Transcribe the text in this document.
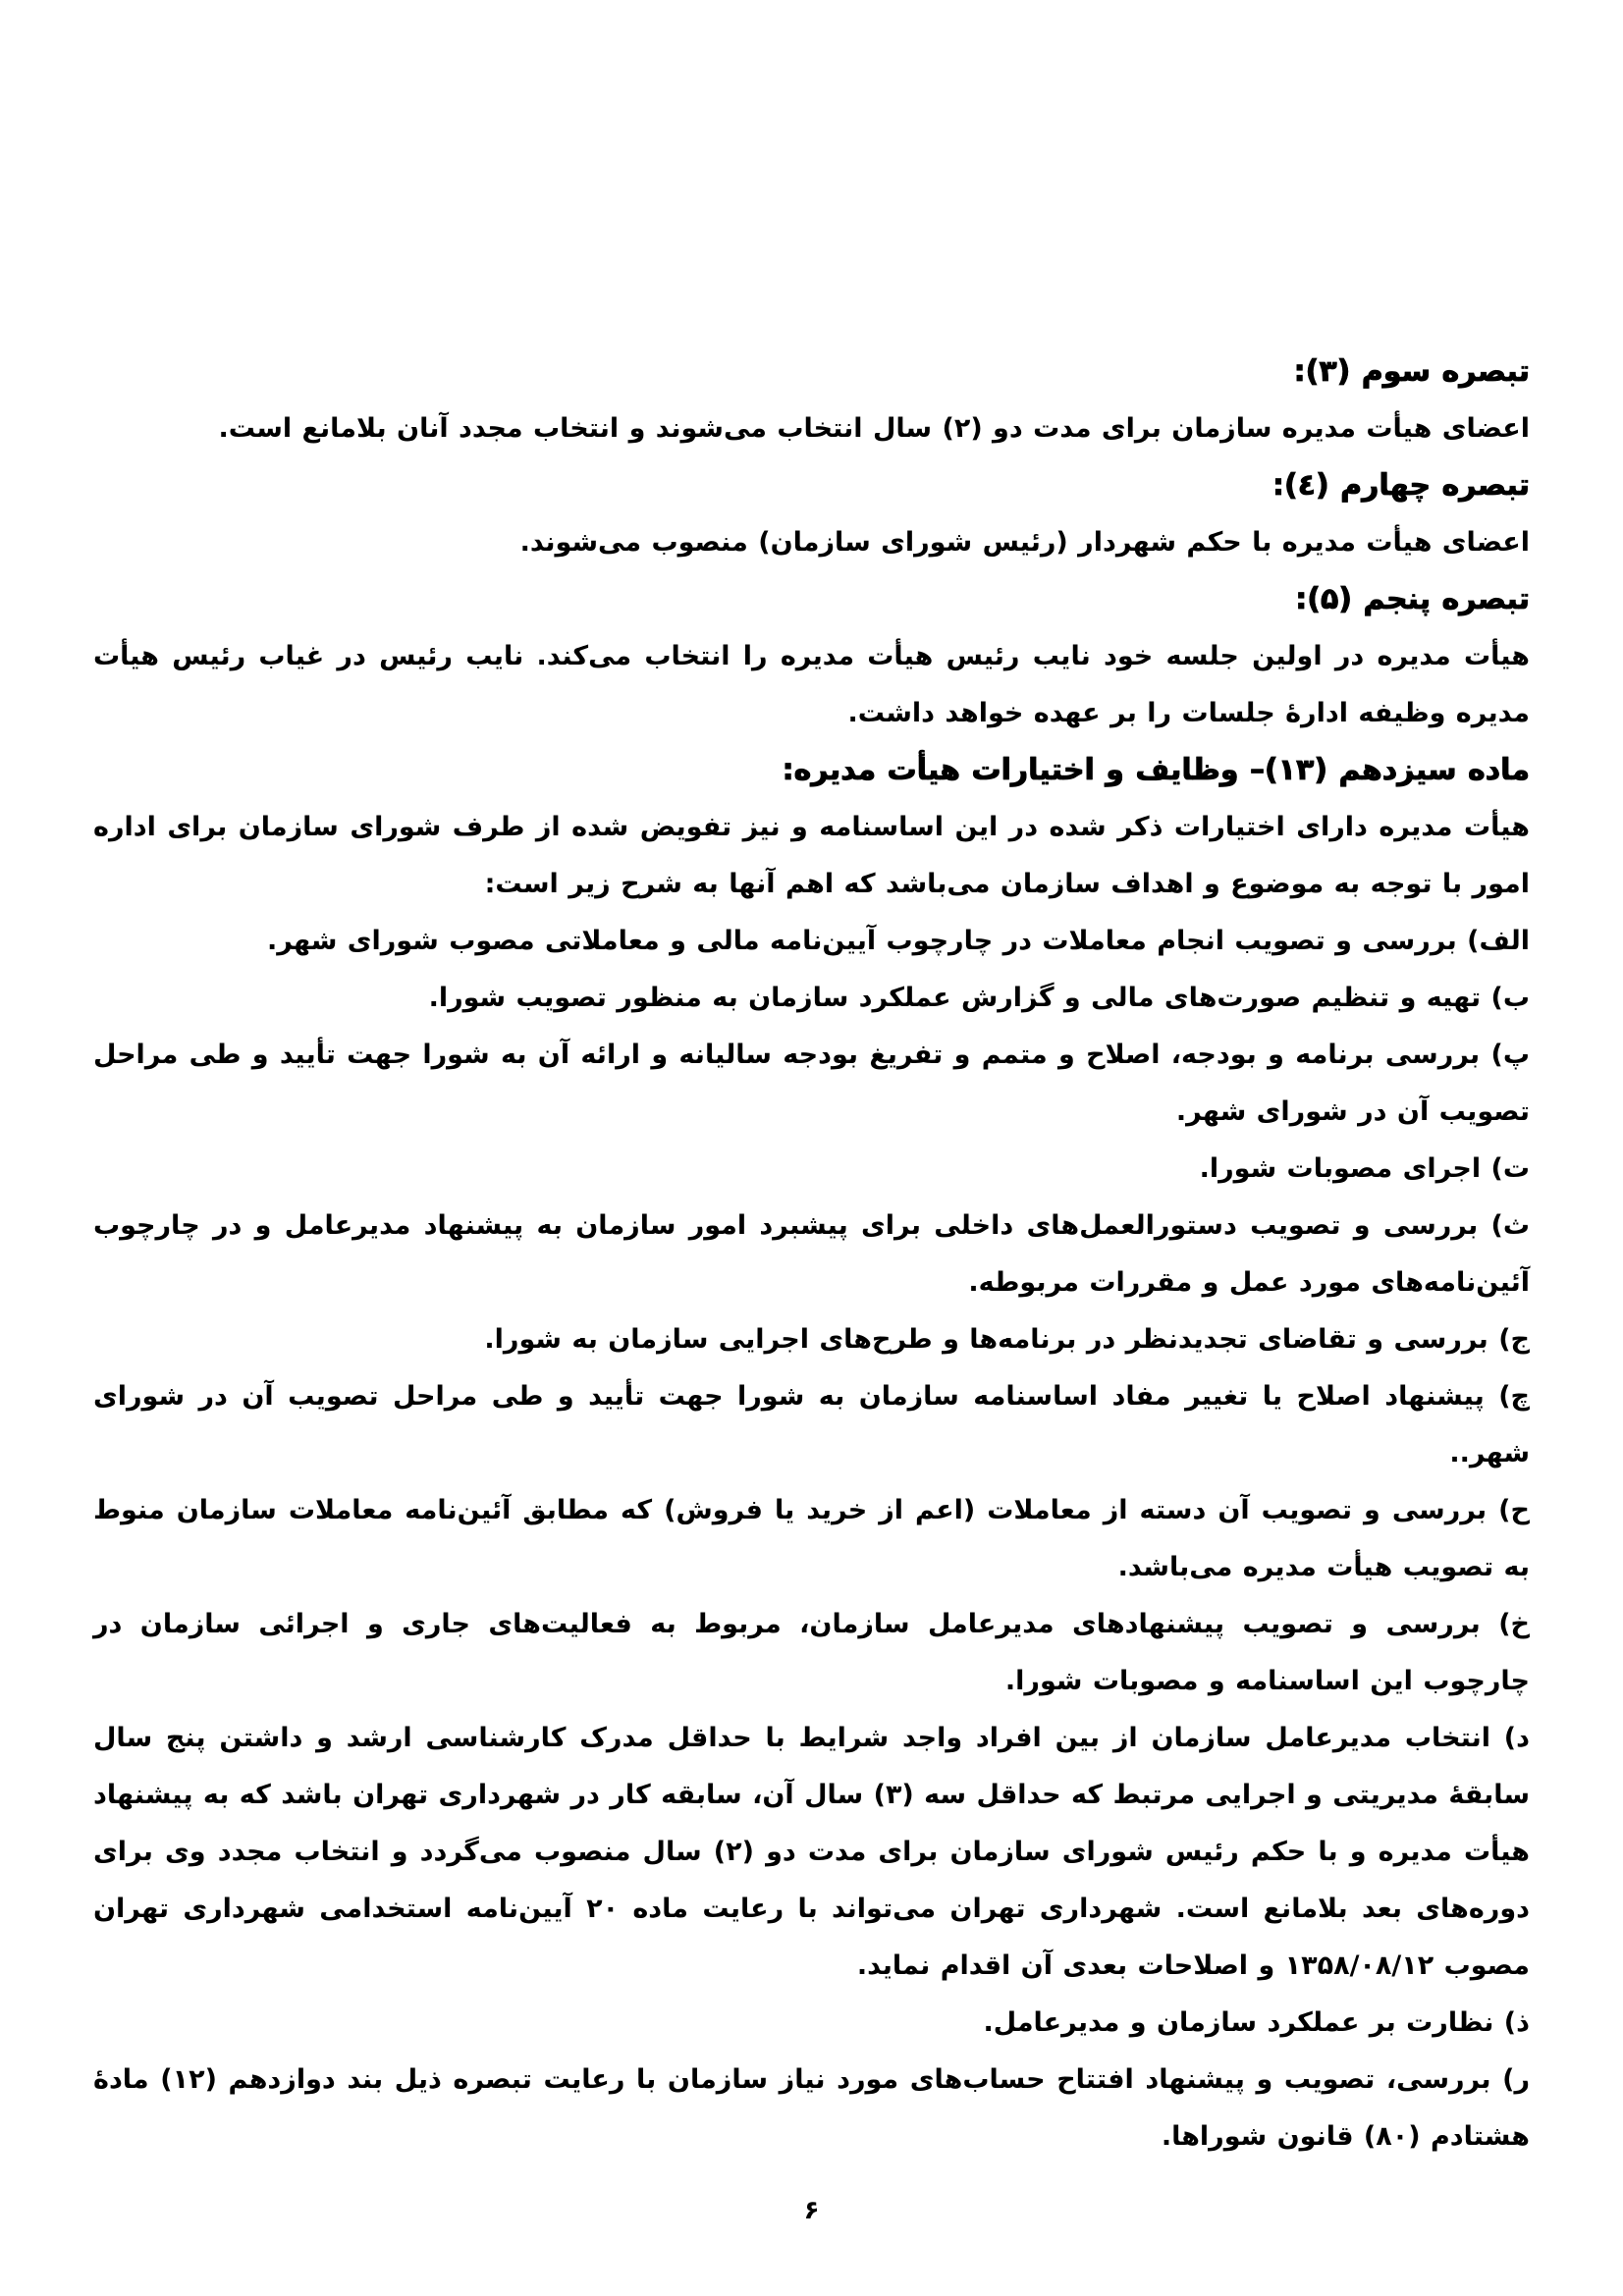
تبصره سوم (۳):

اعضای هیأت مدیره سازمان برای مدت دو (۲) سال انتخاب می‌شوند و انتخاب مجدد آنان بلامانع است.

تبصره چهارم (٤):

اعضای هیأت مدیره با حکم شهردار (رئیس شورای سازمان) منصوب می‌شوند.

تبصره پنجم (۵):

هیأت مدیره در اولین جلسه خود نایب رئیس هیأت مدیره را انتخاب می‌کند. نایب رئیس در غیاب رئیس هیأت مدیره وظیفه ادارهٔ جلسات را بر عهده خواهد داشت.

ماده سیزدهم (۱۳)– وظایف و اختیارات هیأت مدیره:

هیأت مدیره دارای اختیارات ذکر شده در این اساسنامه و نیز تفویض شده از طرف شورای سازمان برای اداره امور با توجه به موضوع و اهداف سازمان می‌باشد که اهم آنها به شرح زیر است:

الف) بررسی و تصویب انجام معاملات در چارچوب آیین‌نامه مالی و معاملاتی مصوب شورای شهر.

ب) تهیه و تنظیم صورت‌های مالی و گزارش عملکرد سازمان به منظور تصویب شورا.

پ) بررسی برنامه و بودجه، اصلاح و متمم و تفریغ بودجه سالیانه و ارائه آن به شورا جهت تأیید و طی مراحل تصویب آن در شورای شهر.

ت) اجرای مصوبات شورا.

ث) بررسی و تصویب دستورالعمل‌های داخلی برای پیشبرد امور سازمان به پیشنهاد مدیرعامل و در چارچوب آئین‌نامه‌های مورد عمل و مقررات مربوطه.

ج) بررسی و تقاضای تجدیدنظر در برنامه‌ها و طرح‌های اجرایی سازمان به شورا.

چ) پیشنهاد اصلاح یا تغییر مفاد اساسنامه سازمان به شورا جهت تأیید و طی مراحل تصویب آن در شورای شهر..

ح) بررسی و تصویب آن دسته از معاملات (اعم از خرید یا فروش) که مطابق آئین‌نامه معاملات سازمان منوط به تصویب هیأت مدیره می‌باشد.

خ) بررسی و تصویب پیشنهادهای مدیرعامل سازمان، مربوط به فعالیت‌های جاری و اجرائی سازمان در چارچوب این اساسنامه و مصوبات شورا.

د) انتخاب مدیرعامل سازمان از بین افراد واجد شرایط با حداقل مدرک کارشناسی ارشد و داشتن پنج سال سابقهٔ مدیریتی و اجرایی مرتبط که حداقل سه (۳) سال آن، سابقه کار در شهرداری تهران باشد که به پیشنهاد هیأت مدیره و با حکم رئیس شورای سازمان برای مدت دو (۲) سال منصوب می‌گردد و انتخاب مجدد وی برای دوره‌های بعد بلامانع است. شهرداری تهران می‌تواند با رعایت ماده ۲۰ آیین‌نامه استخدامی شهرداری تهران مصوب ۱۳۵۸/۰۸/۱۲ و اصلاحات بعدی آن اقدام نماید.

ذ) نظارت بر عملکرد سازمان و مدیرعامل.

ر) بررسی، تصویب و پیشنهاد افتتاح حساب‌های مورد نیاز سازمان با رعایت تبصره ذیل بند دوازدهم (۱۲) مادهٔ هشتادم (۸۰) قانون شوراها.

۶
